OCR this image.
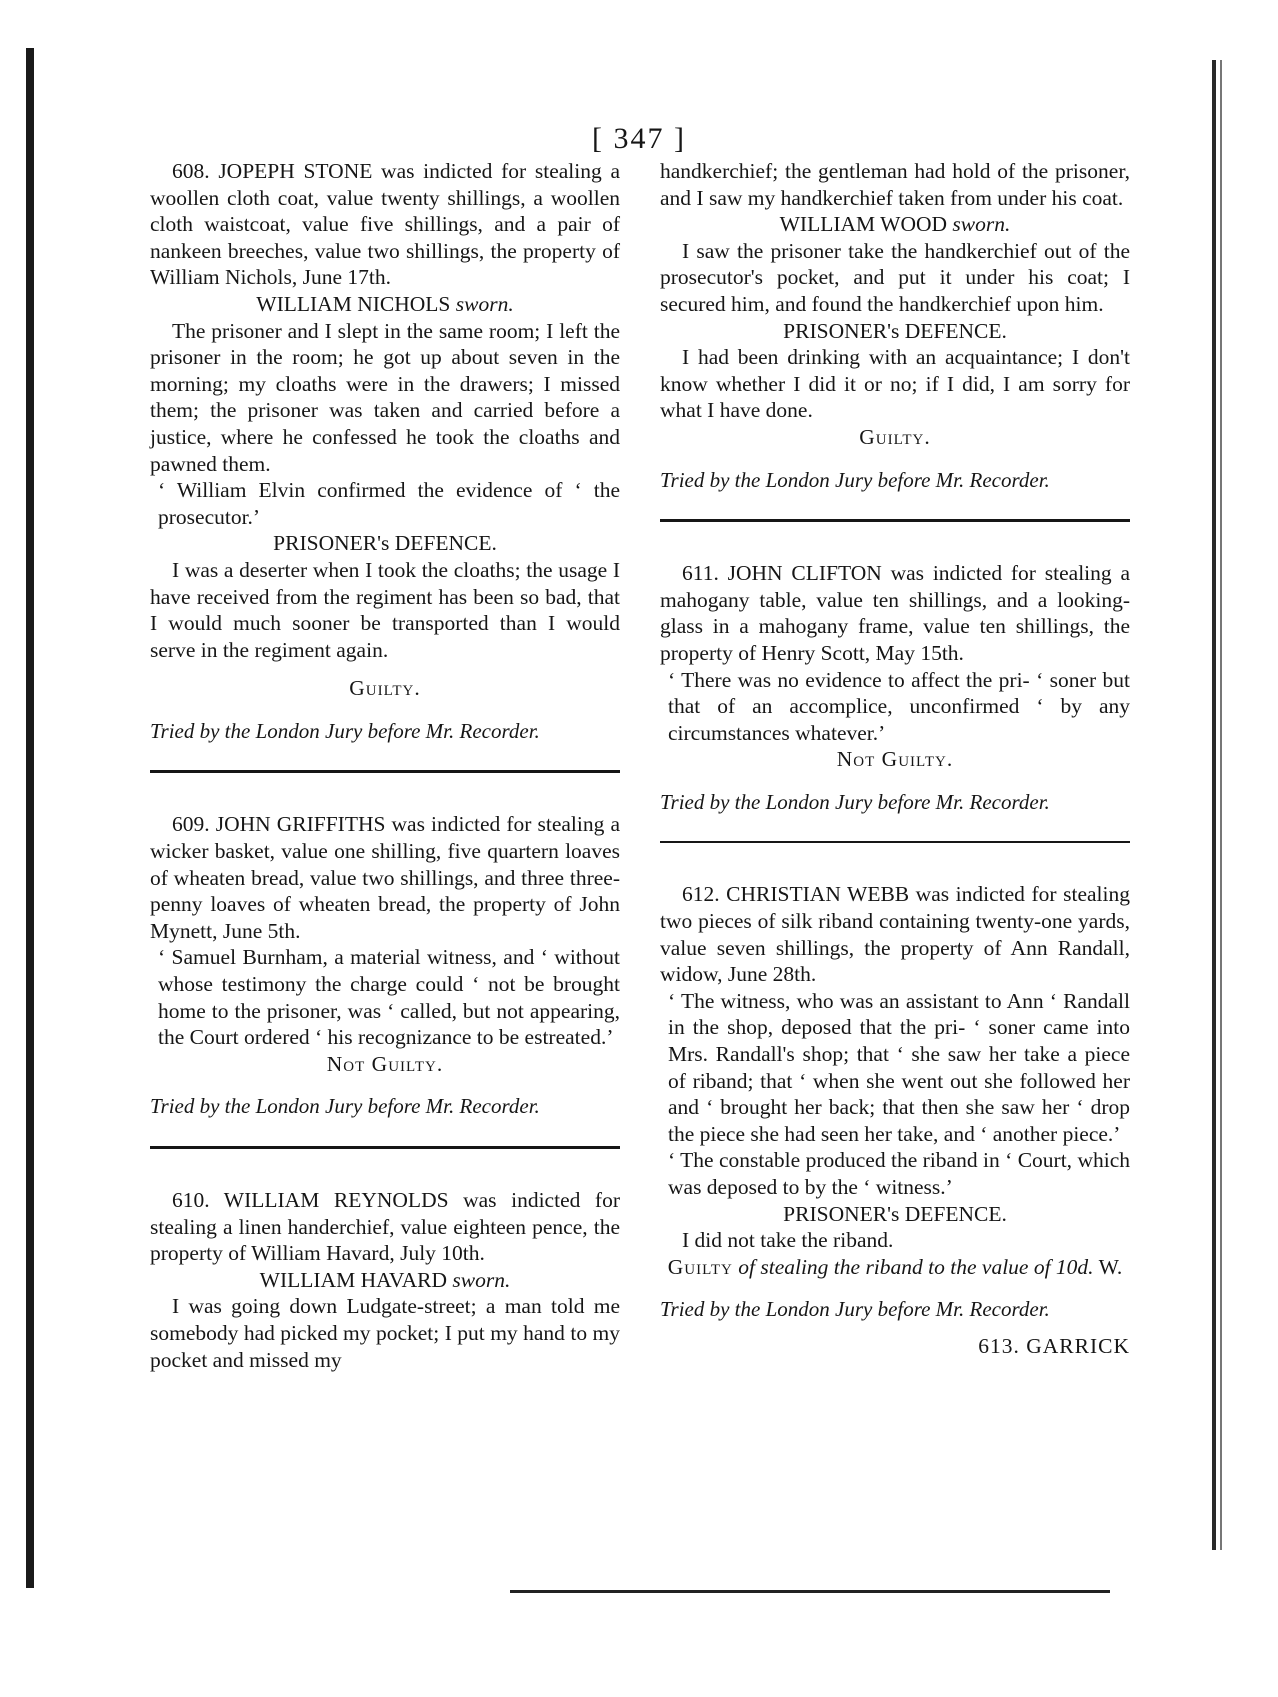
[ 347 ]

608. JOPEPH STONE was indicted for stealing a woollen cloth coat, value twenty shillings, a woollen cloth waistcoat, value five shillings, and a pair of nankeen breeches, value two shillings, the property of William Nichols, June 17th.

WILLIAM NICHOLS sworn.

The prisoner and I slept in the same room; I left the prisoner in the room; he got up about seven in the morning; my cloaths were in the drawers; I missed them; the prisoner was taken and carried before a justice, where he confessed he took the cloaths and pawned them.

‘ William Elvin confirmed the evidence of ‘ the prosecutor.’

PRISONER's DEFENCE.

I was a deserter when I took the cloaths; the usage I have received from the regiment has been so bad, that I would much sooner be transported than I would serve in the regiment again.

Guilty.

Tried by the London Jury before Mr. Recorder.

609. JOHN GRIFFITHS was indicted for stealing a wicker basket, value one shilling, five quartern loaves of wheaten bread, value two shillings, and three three-penny loaves of wheaten bread, the property of John Mynett, June 5th.

‘ Samuel Burnham, a material witness, and ‘ without whose testimony the charge could ‘ not be brought home to the prisoner, was ‘ called, but not appearing, the Court ordered ‘ his recognizance to be estreated.’

Not Guilty.

Tried by the London Jury before Mr. Recorder.

610. WILLIAM REYNOLDS was indicted for stealing a linen handerchief, value eighteen pence, the property of William Havard, July 10th.

WILLIAM HAVARD sworn.

I was going down Ludgate-street; a man told me somebody had picked my pocket; I put my hand to my pocket and missed my

handkerchief; the gentleman had hold of the prisoner, and I saw my handkerchief taken from under his coat.

WILLIAM WOOD sworn.

I saw the prisoner take the handkerchief out of the prosecutor's pocket, and put it under his coat; I secured him, and found the handkerchief upon him.

PRISONER's DEFENCE.

I had been drinking with an acquaintance; I don't know whether I did it or no; if I did, I am sorry for what I have done.

Guilty.

Tried by the London Jury before Mr. Recorder.

611. JOHN CLIFTON was indicted for stealing a mahogany table, value ten shillings, and a looking-glass in a mahogany frame, value ten shillings, the property of Henry Scott, May 15th.

‘ There was no evidence to affect the pri- ‘ soner but that of an accomplice, unconfirmed ‘ by any circumstances whatever.’

Not Guilty.

Tried by the London Jury before Mr. Recorder.

612. CHRISTIAN WEBB was indicted for stealing two pieces of silk riband containing twenty-one yards, value seven shillings, the property of Ann Randall, widow, June 28th.

‘ The witness, who was an assistant to Ann ‘ Randall in the shop, deposed that the pri- ‘ soner came into Mrs. Randall's shop; that ‘ she saw her take a piece of riband; that ‘ when she went out she followed her and ‘ brought her back; that then she saw her ‘ drop the piece she had seen her take, and ‘ another piece.’

‘ The constable produced the riband in ‘ Court, which was deposed to by the ‘ witness.’

PRISONER's DEFENCE.

I did not take the riband.

Guilty of stealing the riband to the value of 10d. W.

Tried by the London Jury before Mr. Recorder.

613. GARRICK
